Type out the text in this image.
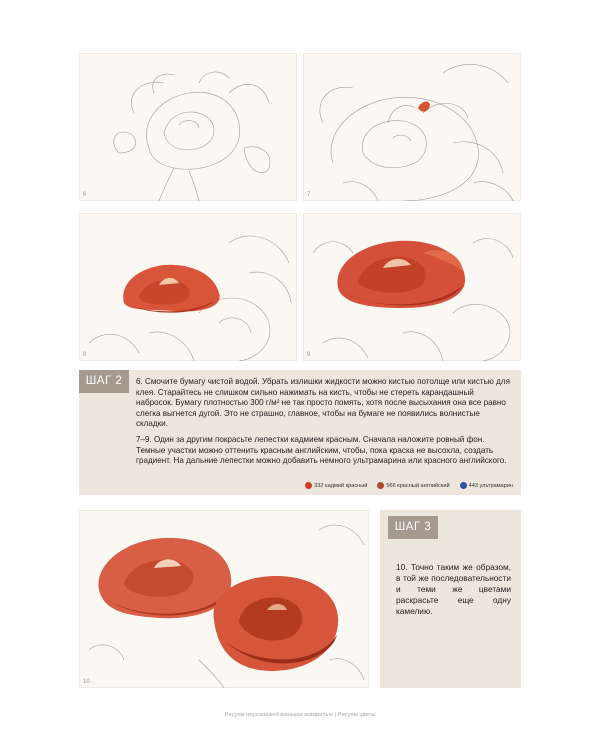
6	7
8	9
ШАГ 2	6. Смочите бумагу чистой водой. Убрать излишки жидкости можно кистью потолще или кистью для клея. Старайтесь не слишком сильно нажимать на кисть, чтобы не стереть карандашный набросок. Бумагу плотностью 300 г/м² не так просто помять, хотя после высыхания она все равно слегка выгнется дугой. Это не страшно, главное, чтобы на бумаге не появились волнистые складки.

7–9. Один за другим покрасьте лепестки кадмием красным. Сначала наложите ровный фон. Темные участки можно оттенить красным английским, чтобы, пока краска не высохла, создать градиент. На дальние лепестки можно добавить немного ультрамарина или красного английского.

332 кадмий красный	566 красный английский	443 ультрамарин
10
ШАГ 3
10. Точно таким же образом, в той же последовательности и теми же цветами раскрасьте еще одну камелию.
Рисуем персонажей манькха акварелью | Рисуем цветы
